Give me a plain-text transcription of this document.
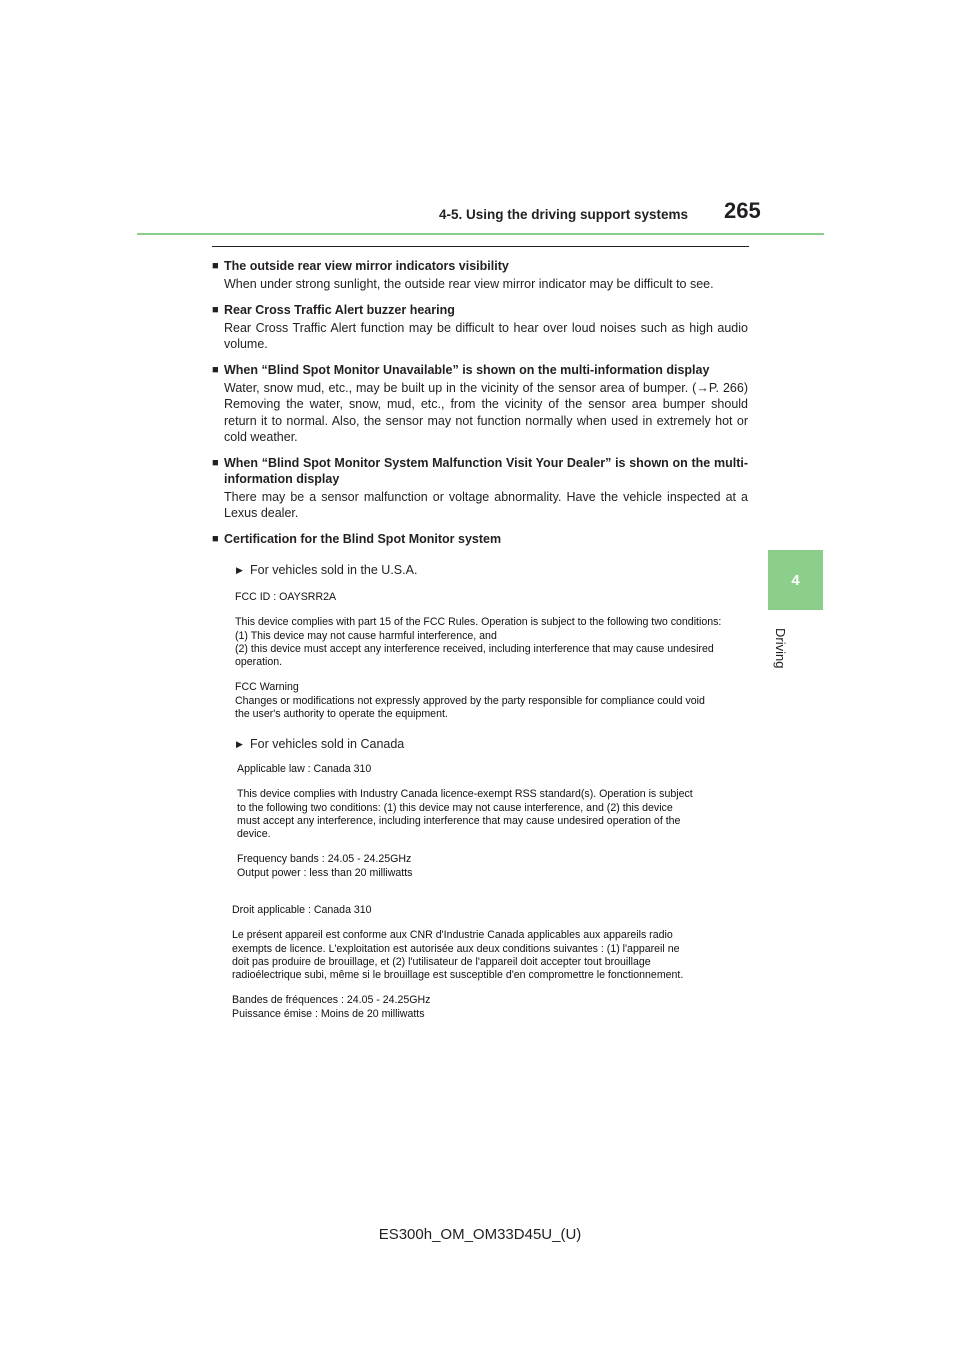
4-5. Using the driving support systems 265
4
Driving
■ The outside rear view mirror indicators visibility

When under strong sunlight, the outside rear view mirror indicator may be difficult to see.

■ Rear Cross Traffic Alert buzzer hearing

Rear Cross Traffic Alert function may be difficult to hear over loud noises such as high audio volume.

■ When “Blind Spot Monitor Unavailable” is shown on the multi-information display

Water, snow mud, etc., may be built up in the vicinity of the sensor area of bumper. (→P. 266) Removing the water, snow, mud, etc., from the vicinity of the sensor area bumper should return it to normal. Also, the sensor may not function normally when used in extremely hot or cold weather.

■ When “Blind Spot Monitor System Malfunction Visit Your Dealer” is shown on the multi-information display

There may be a sensor malfunction or voltage abnormality. Have the vehicle inspected at a Lexus dealer.

■ Certification for the Blind Spot Monitor system
▶ For vehicles sold in the U.S.A.

FCC ID : OAYSRR2A

This device complies with part 15 of the FCC Rules. Operation is subject to the following two conditions:

(1) This device may not cause harmful interference, and

(2) this device must accept any interference received, including interference that may cause undesired

operation.

FCC Warning

Changes or modifications not expressly approved by the party responsible for compliance could void

the user's authority to operate the equipment.

▶ For vehicles sold in Canada

Applicable law : Canada 310

This device complies with Industry Canada licence-exempt RSS standard(s). Operation is subject

to the following two conditions: (1) this device may not cause interference, and (2) this device

must accept any interference, including interference that may cause undesired operation of the

device.

Frequency bands : 24.05 - 24.25GHz

Output power : less than 20 milliwatts

Droit applicable : Canada 310

Le présent appareil est conforme aux CNR d'Industrie Canada applicables aux appareils radio

exempts de licence. L'exploitation est autorisée aux deux conditions suivantes : (1) l'appareil ne

doit pas produire de brouillage, et (2) l'utilisateur de l'appareil doit accepter tout brouillage

radioélectrique subi, même si le brouillage est susceptible d'en compromettre le fonctionnement.

Bandes de fréquences : 24.05 - 24.25GHz

Puissance émise : Moins de 20 milliwatts

ES300h_OM_OM33D45U_(U)
